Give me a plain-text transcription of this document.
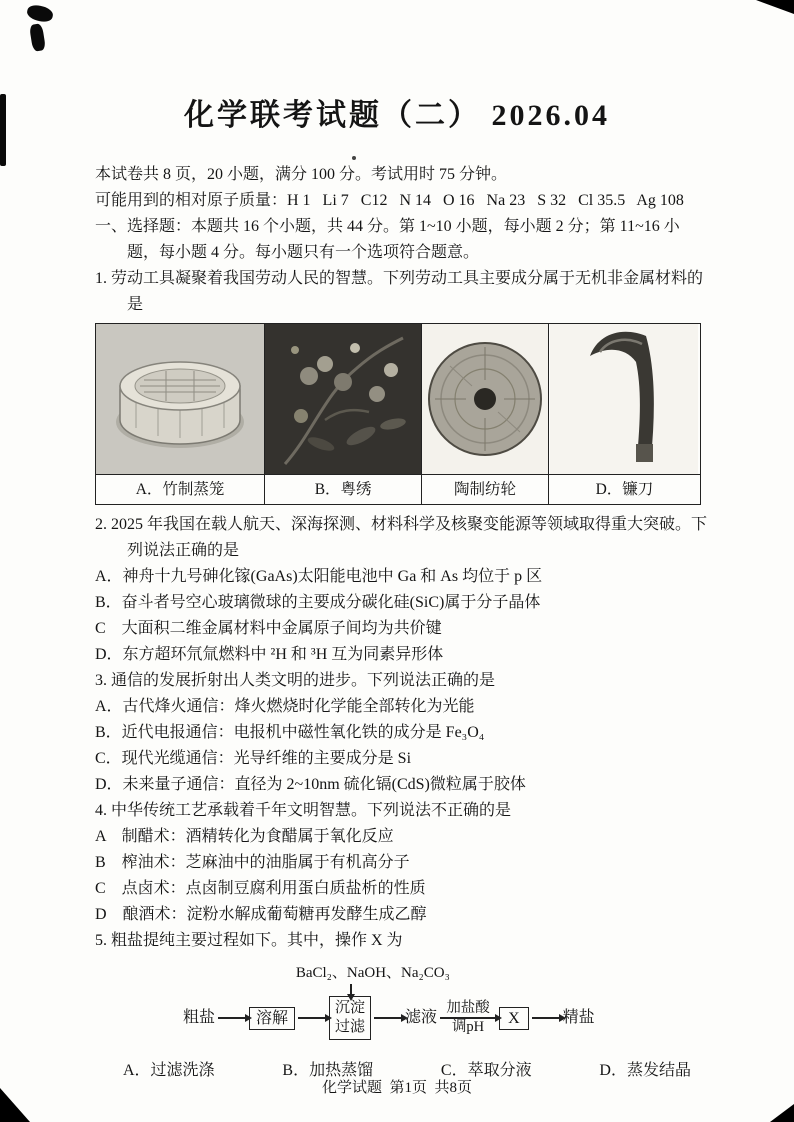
化学联考试题（二） 2026.04

本试卷共 8 页，20 小题，满分 100 分。考试用时 75 分钟。

可能用到的相对原子质量：H 1   Li 7   C12   N 14   O 16   Na 23   S 32   Cl 35.5   Ag 108

一、选择题：本题共 16 个小题，共 44 分。第 1~10 小题，每小题 2 分；第 11~16 小题，每小题 4 分。每小题只有一个选项符合题意。

1. 劳动工具凝聚着我国劳动人民的智慧。下列劳动工具主要成分属于无机非金属材料的是

A．竹制蒸笼	B．粤绣	陶制纺轮	D．镰刀

2. 2025 年我国在载人航天、深海探测、材料科学及核聚变能源等领域取得重大突破。下列说法正确的是

A．神舟十九号砷化镓(GaAs)太阳能电池中 Ga 和 As 均位于 p 区

B．奋斗者号空心玻璃微球的主要成分碳化硅(SiC)属于分子晶体

C　大面积二维金属材料中金属原子间均为共价键

D．东方超环氘氚燃料中 ²H 和 ³H 互为同素异形体

3. 通信的发展折射出人类文明的进步。下列说法正确的是

A．古代烽火通信：烽火燃烧时化学能全部转化为光能

B．近代电报通信：电报机中磁性氧化铁的成分是 Fe₃O₄

C．现代光缆通信：光导纤维的主要成分是 Si

D．未来量子通信：直径为 2~10nm 硫化镉(CdS)微粒属于胶体

4. 中华传统工艺承载着千年文明智慧。下列说法不正确的是

A　制醋术：酒精转化为食醋属于氧化反应

B　榨油术：芝麻油中的油脂属于有机高分子

C　点卤术：点卤制豆腐利用蛋白质盐析的性质

D　酿酒术：淀粉水解成葡萄糖再发酵生成乙醇

5. 粗盐提纯主要过程如下。其中，操作 X 为

粗盐	溶解
沉淀
过滤
BaCl₂、NaOH、Na₂CO₃
滤液
加盐酸
调pH
X	精盐
A．过滤洗涤	B．加热蒸馏	C．萃取分液	D．蒸发结晶
化学试题  第1页  共8页
